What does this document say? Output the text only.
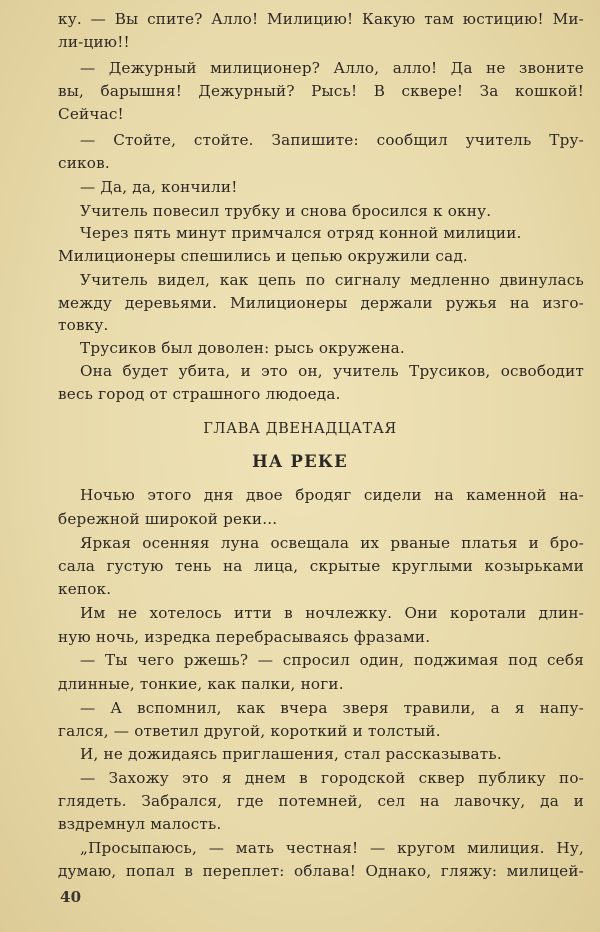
ку. — Вы спите? Алло! Милицию! Какую там юстицию! Ми-
ли-цию!!
— Дежурный милиционер? Алло, алло! Да не звоните
вы, барышня! Дежурный? Рысь! В сквере! За кошкой!
Сейчас!
— Стойте, стойте. Запишите: сообщил учитель Тру-
сиков.
— Да, да, кончили!
Учитель повесил трубку и снова бросился к окну.
Через пять минут примчался отряд конной милиции.
Милиционеры спешились и цепью окружили сад.
Учитель видел, как цепь по сигналу медленно двинулась
между деревьями. Милиционеры держали ружья на изго-
товку.
Трусиков был доволен: рысь окружена.
Она будет убита, и это он, учитель Трусиков, освободит
весь город от страшного людоеда.
ГЛАВА ДВЕНАДЦАТАЯ
НА РЕКЕ
Ночью этого дня двое бродяг сидели на каменной на-
бережной широкой реки...
Яркая осенняя луна освещала их рваные платья и бро-
сала густую тень на лица, скрытые круглыми козырьками
кепок.
Им не хотелось итти в ночлежку. Они коротали длин-
ную ночь, изредка перебрасываясь фразами.
— Ты чего ржешь? — спросил один, поджимая под себя
длинные, тонкие, как палки, ноги.
— А вспомнил, как вчера зверя травили, а я напу-
гался, — ответил другой, короткий и толстый.
И, не дожидаясь приглашения, стал рассказывать.
— Захожу это я днем в городской сквер публику по-
глядеть. Забрался, где потемней, сел на лавочку, да и
вздремнул малость.
„Просыпаюсь, — мать честная! — кругом милиция. Ну,
думаю, попал в переплет: облава! Однако, гляжу: милицей-
40
